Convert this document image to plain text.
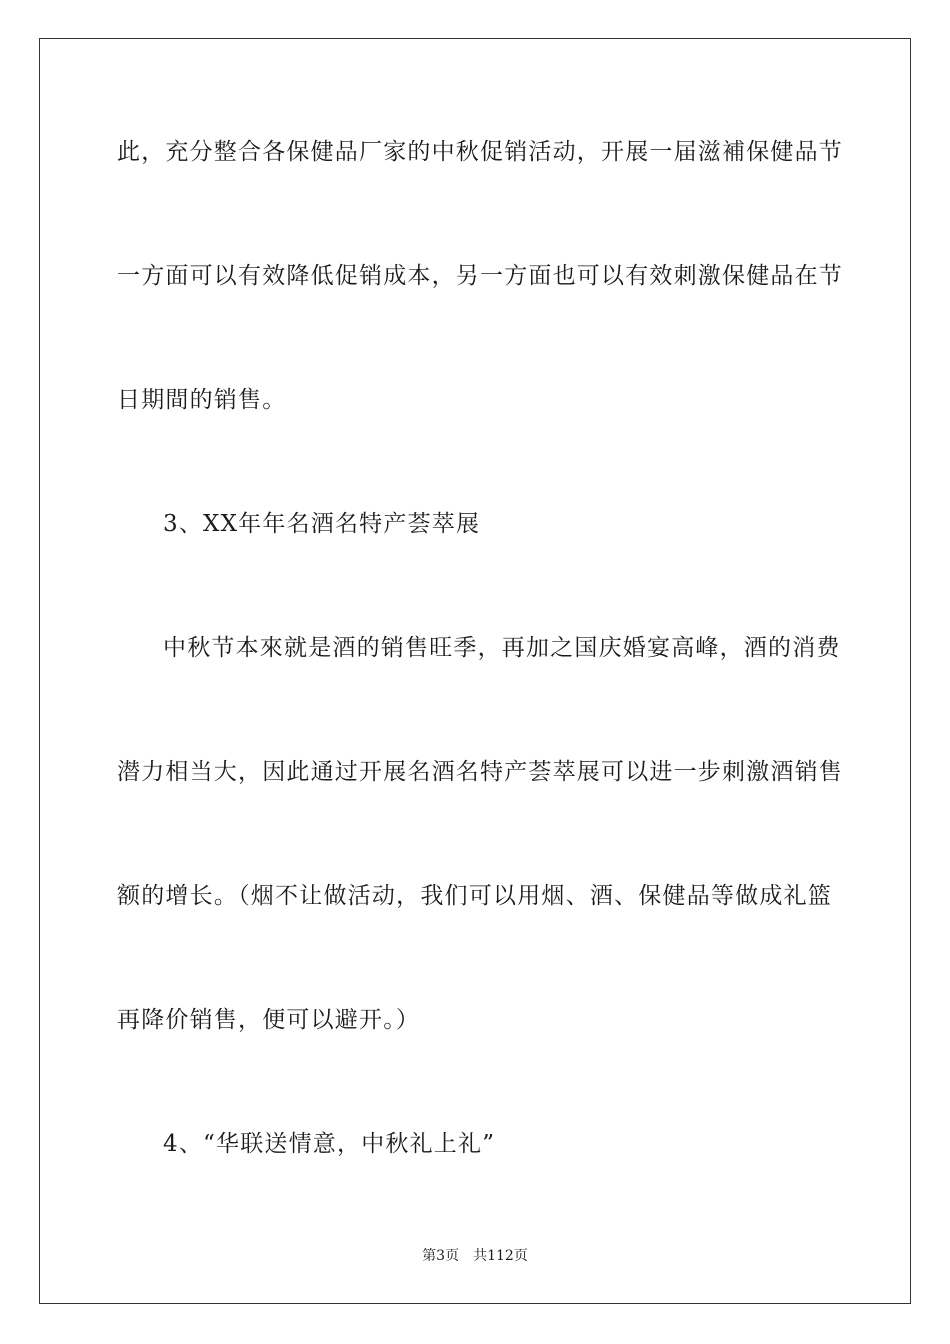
此，充分整合各保健品厂家的中秋促销活动，开展一届滋補保健品节
一方面可以有效降低促销成本，另一方面也可以有效刺激保健品在节
日期間的销售。
3、XX年年名酒名特产荟萃展
中秋节本來就是酒的销售旺季，再加之国庆婚宴高峰，酒的消费
潜力相当大，因此通过开展名酒名特产荟萃展可以进一步刺激酒销售
额的增长。（烟不让做活动，我们可以用烟、酒、保健品等做成礼篮
再降价销售，便可以避开。）
4、“华联送情意，中秋礼上礼”
第3页 共112页
